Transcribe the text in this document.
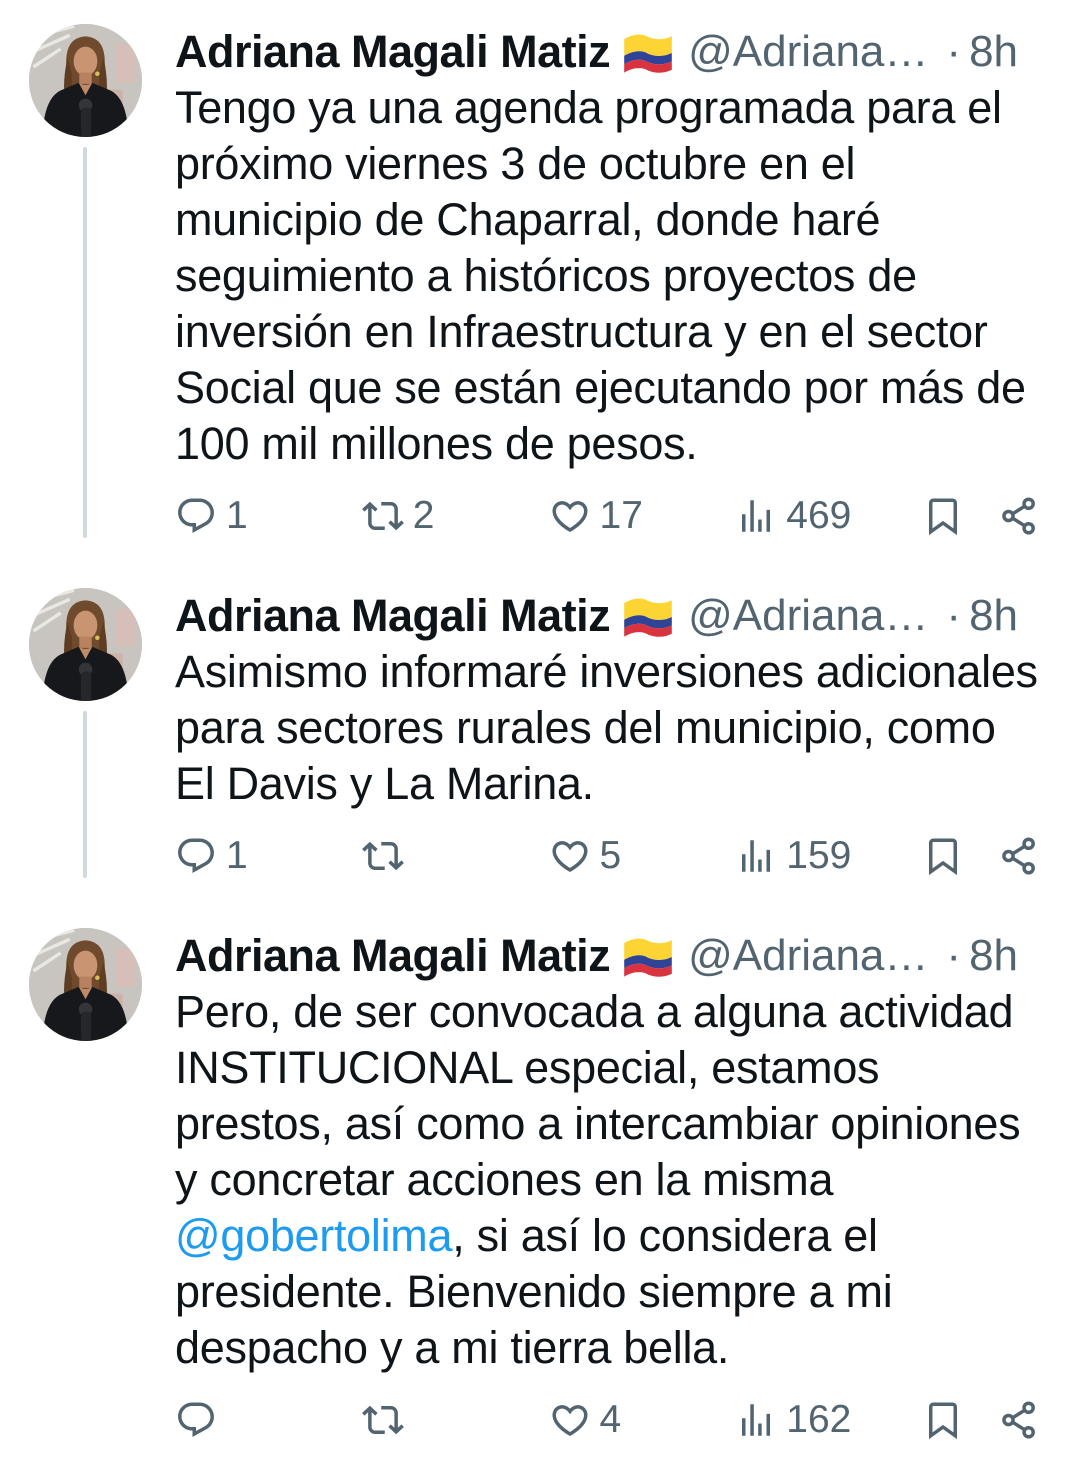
Adriana Magali Matiz @Adriana… · 8h
Tengo ya una agenda programada para el próximo viernes 3 de octubre en el municipio de Chaparral, donde haré seguimiento a históricos proyectos de inversión en Infraestructura y en el sector Social que se están ejecutando por más de 100 mil millones de pesos.
1	2	17	469
Adriana Magali Matiz @Adriana… · 8h
Asimismo informaré inversiones adicionales para sectores rurales del municipio, como El Davis y La Marina.
1	5	159
Adriana Magali Matiz @Adriana… · 8h
Pero, de ser convocada a alguna actividad INSTITUCIONAL especial, estamos prestos, así como a intercambiar opiniones y concretar acciones en la misma @gobertolima, si así lo considera el presidente. Bienvenido siempre a mi despacho y a mi tierra bella.
4	162
